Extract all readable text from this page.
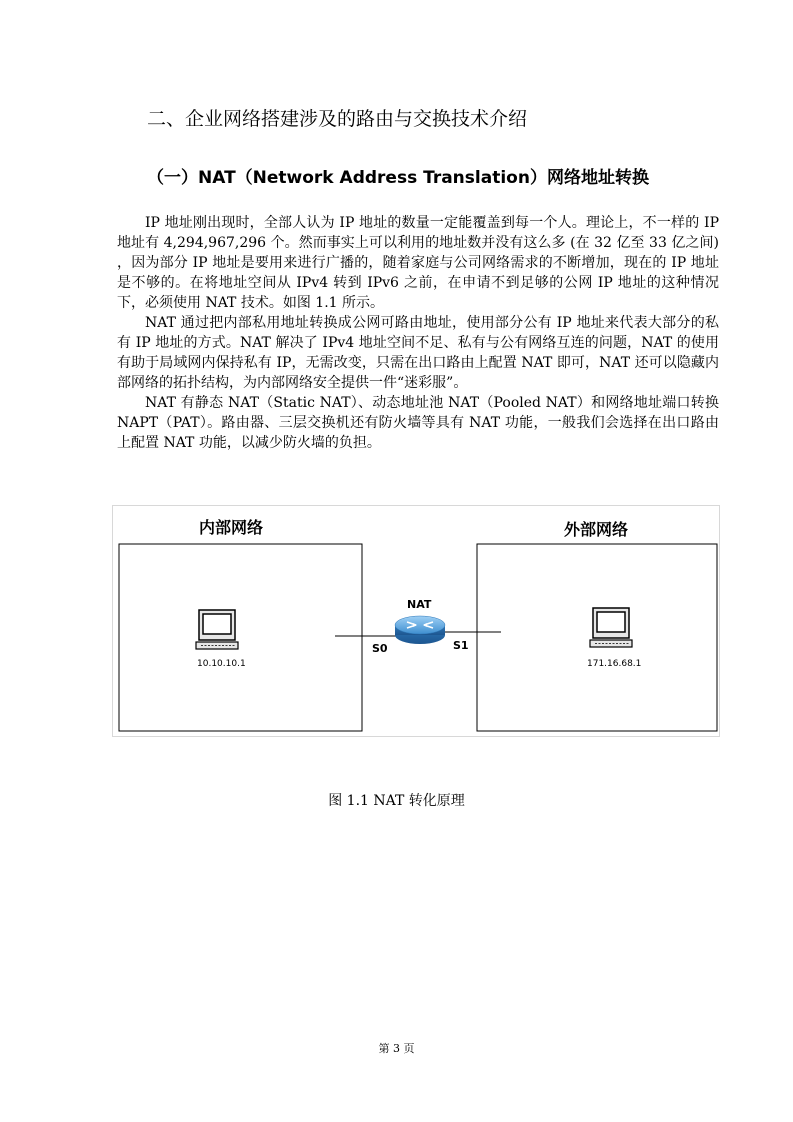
二、企业网络搭建涉及的路由与交换技术介绍
（一）NAT（Network Address Translation）网络地址转换

IP 地址刚出现时，全部人认为 IP 地址的数量一定能覆盖到每一个人。理论上，不一样的 IP 地址有 4,294,967,296 个。然而事实上可以利用的地址数并没有这么多 (在 32 亿至 33 亿之间) ，因为部分 IP 地址是要用来进行广播的，随着家庭与公司网络需求的不断增加，现在的 IP 地址是不够的。在将地址空间从 IPv4 转到 IPv6 之前，在申请不到足够的公网 IP 地址的这种情况下，必须使用 NAT 技术。如图 1.1 所示。

NAT 通过把内部私用地址转换成公网可路由地址，使用部分公有 IP 地址来代表大部分的私有 IP 地址的方式。NAT 解决了 IPv4 地址空间不足、私有与公有网络互连的问题，NAT 的使用有助于局域网内保持私有 IP，无需改变，只需在出口路由上配置 NAT 即可，NAT 还可以隐藏内部网络的拓扑结构，为内部网络安全提供一件“迷彩服”。

NAT 有静态 NAT（Static NAT）、动态地址池 NAT（Pooled NAT）和网络地址端口转换 NAPT（PAT）。路由器、三层交换机还有防火墙等具有 NAT 功能，一般我们会选择在出口路由上配置 NAT 功能，以减少防火墙的负担。

内部网络	外部网络
NAT
S0	S1
10.10.10.1	171.16.68.1
图 1.1 NAT 转化原理
第 3 页
